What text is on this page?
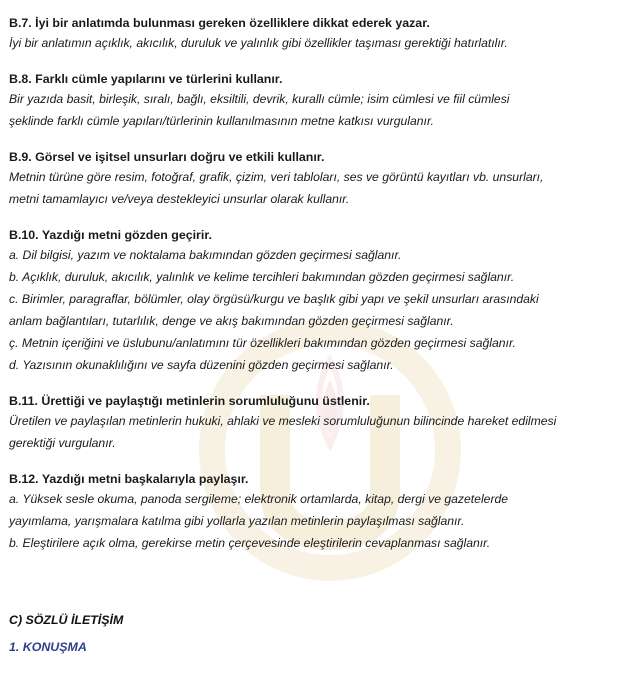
B.7. İyi bir anlatımda bulunması gereken özelliklere dikkat ederek yazar.

İyi bir anlatımın açıklık, akıcılık, duruluk ve yalınlık gibi özellikler taşıması gerektiği hatırlatılır.

B.8. Farklı cümle yapılarını ve türlerini kullanır.

Bir yazıda basit, birleşik, sıralı, bağlı, eksiltili, devrik, kurallı cümle; isim cümlesi ve fiil cümlesi
şeklinde farklı cümle yapıları/türlerinin kullanılmasının metne katkısı vurgulanır.

B.9. Görsel ve işitsel unsurları doğru ve etkili kullanır.

Metnin türüne göre resim, fotoğraf, grafik, çizim, veri tabloları, ses ve görüntü kayıtları vb. unsurları,
metni tamamlayıcı ve/veya destekleyici unsurlar olarak kullanır.

B.10. Yazdığı metni gözden geçirir.

a. Dil bilgisi, yazım ve noktalama bakımından gözden geçirmesi sağlanır.
b. Açıklık, duruluk, akıcılık, yalınlık ve kelime tercihleri bakımından gözden geçirmesi sağlanır.
c. Birimler, paragraflar, bölümler, olay örgüsü/kurgu ve başlık gibi yapı ve şekil unsurları arasındaki
anlam bağlantıları, tutarlılık, denge ve akış bakımından gözden geçirmesi sağlanır.
ç. Metnin içeriğini ve üslubunu/anlatımını tür özellikleri bakımından gözden geçirmesi sağlanır.
d. Yazısının okunaklılığını ve sayfa düzenini gözden geçirmesi sağlanır.

B.11. Ürettiği ve paylaştığı metinlerin sorumluluğunu üstlenir.

Üretilen ve paylaşılan metinlerin hukuki, ahlaki ve mesleki sorumluluğunun bilincinde hareket edilmesi
gerektiği vurgulanır.

B.12. Yazdığı metni başkalarıyla paylaşır.

a. Yüksek sesle okuma, panoda sergileme; elektronik ortamlarda, kitap, dergi ve gazetelerde
yayımlama, yarışmalara katılma gibi yollarla yazılan metinlerin paylaşılması sağlanır.
b. Eleştirilere açık olma, gerekirse metin çerçevesinde eleştirilerin cevaplanması sağlanır.

C) SÖZLÜ İLETİŞİM

1. KONUŞMA
